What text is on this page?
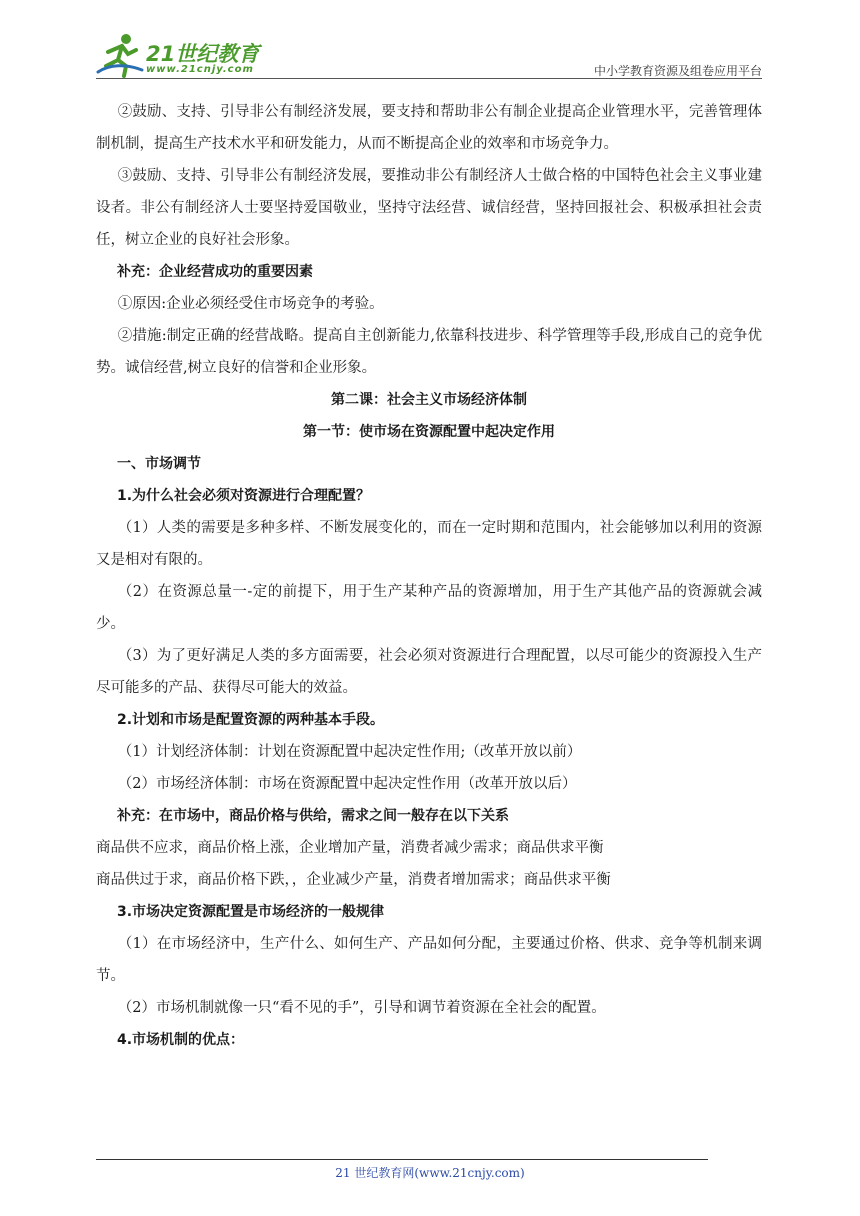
21世纪教育
www.21cnjy.com	中小学教育资源及组卷应用平台

②鼓励、支持、引导非公有制经济发展，要支持和帮助非公有制企业提高企业管理水平，完善管理体制机制，提高生产技术水平和研发能力，从而不断提高企业的效率和市场竞争力。

③鼓励、支持、引导非公有制经济发展，要推动非公有制经济人士做合格的中国特色社会主义事业建设者。非公有制经济人士要坚持爱国敬业，坚持守法经营、诚信经营，坚持回报社会、积极承担社会责任，树立企业的良好社会形象。

补充：企业经营成功的重要因素

①原因:企业必须经受住市场竞争的考验。

②措施:制定正确的经营战略。提高自主创新能力,依靠科技进步、科学管理等手段,形成自己的竞争优势。诚信经营,树立良好的信誉和企业形象。

第二课：社会主义市场经济体制

第一节：使市场在资源配置中起决定作用

一、市场调节

1.为什么社会必须对资源进行合理配置？

（1）人类的需要是多种多样、不断发展变化的，而在一定时期和范围内，社会能够加以利用的资源又是相对有限的。

（2）在资源总量一-定的前提下，用于生产某种产品的资源增加，用于生产其他产品的资源就会减少。

（3）为了更好满足人类的多方面需要，社会必须对资源进行合理配置，以尽可能少的资源投入生产尽可能多的产品、获得尽可能大的效益。

2.计划和市场是配置资源的两种基本手段。

（1）计划经济体制：计划在资源配置中起决定性作用;（改革开放以前）

（2）市场经济体制：市场在资源配置中起决定性作用（改革开放以后）

补充：在市场中，商品价格与供给，需求之间一般存在以下关系

商品供不应求，商品价格上涨，企业增加产量，消费者减少需求；商品供求平衡

商品供过于求，商品价格下跌，，企业减少产量，消费者增加需求；商品供求平衡

3.市场决定资源配置是市场经济的一般规律

（1）在市场经济中，生产什么、如何生产、产品如何分配，主要通过价格、供求、竞争等机制来调节。

（2）市场机制就像一只“看不见的手”，引导和调节着资源在全社会的配置。

4.市场机制的优点：

21 世纪教育网(www.21cnjy.com)
